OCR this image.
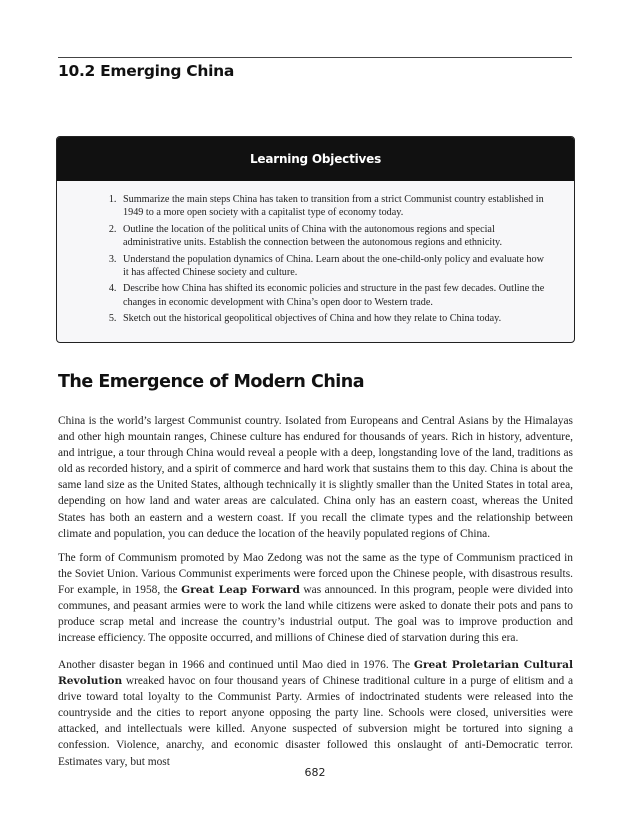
10.2 Emerging China
Learning Objectives
1. Summarize the main steps China has taken to transition from a strict Communist country established in 1949 to a more open society with a capitalist type of economy today.
2. Outline the location of the political units of China with the autonomous regions and special administrative units. Establish the connection between the autonomous regions and ethnicity.
3. Understand the population dynamics of China. Learn about the one-child-only policy and evaluate how it has affected Chinese society and culture.
4. Describe how China has shifted its economic policies and structure in the past few decades. Outline the changes in economic development with China’s open door to Western trade.
5. Sketch out the historical geopolitical objectives of China and how they relate to China today.
The Emergence of Modern China

China is the world’s largest Communist country. Isolated from Europeans and Central Asians by the Himalayas and other high mountain ranges, Chinese culture has endured for thousands of years. Rich in history, adventure, and intrigue, a tour through China would reveal a people with a deep, longstanding love of the land, traditions as old as recorded history, and a spirit of commerce and hard work that sustains them to this day. China is about the same land size as the United States, although technically it is slightly smaller than the United States in total area, depending on how land and water areas are calculated. China only has an eastern coast, whereas the United States has both an eastern and a western coast. If you recall the climate types and the relationship between climate and population, you can deduce the location of the heavily populated regions of China.

The form of Communism promoted by Mao Zedong was not the same as the type of Communism practiced in the Soviet Union. Various Communist experiments were forced upon the Chinese people, with disastrous results. For example, in 1958, the Great Leap Forward was announced. In this program, people were divided into communes, and peasant armies were to work the land while citizens were asked to donate their pots and pans to produce scrap metal and increase the country’s industrial output. The goal was to improve production and increase efficiency. The opposite occurred, and millions of Chinese died of starvation during this era.

Another disaster began in 1966 and continued until Mao died in 1976. The Great Proletarian Cultural Revolution wreaked havoc on four thousand years of Chinese traditional culture in a purge of elitism and a drive toward total loyalty to the Communist Party. Armies of indoctrinated students were released into the countryside and the cities to report anyone opposing the party line. Schools were closed, universities were attacked, and intellectuals were killed. Anyone suspected of subversion might be tortured into signing a confession. Violence, anarchy, and economic disaster followed this onslaught of anti-Democratic terror. Estimates vary, but most

682
